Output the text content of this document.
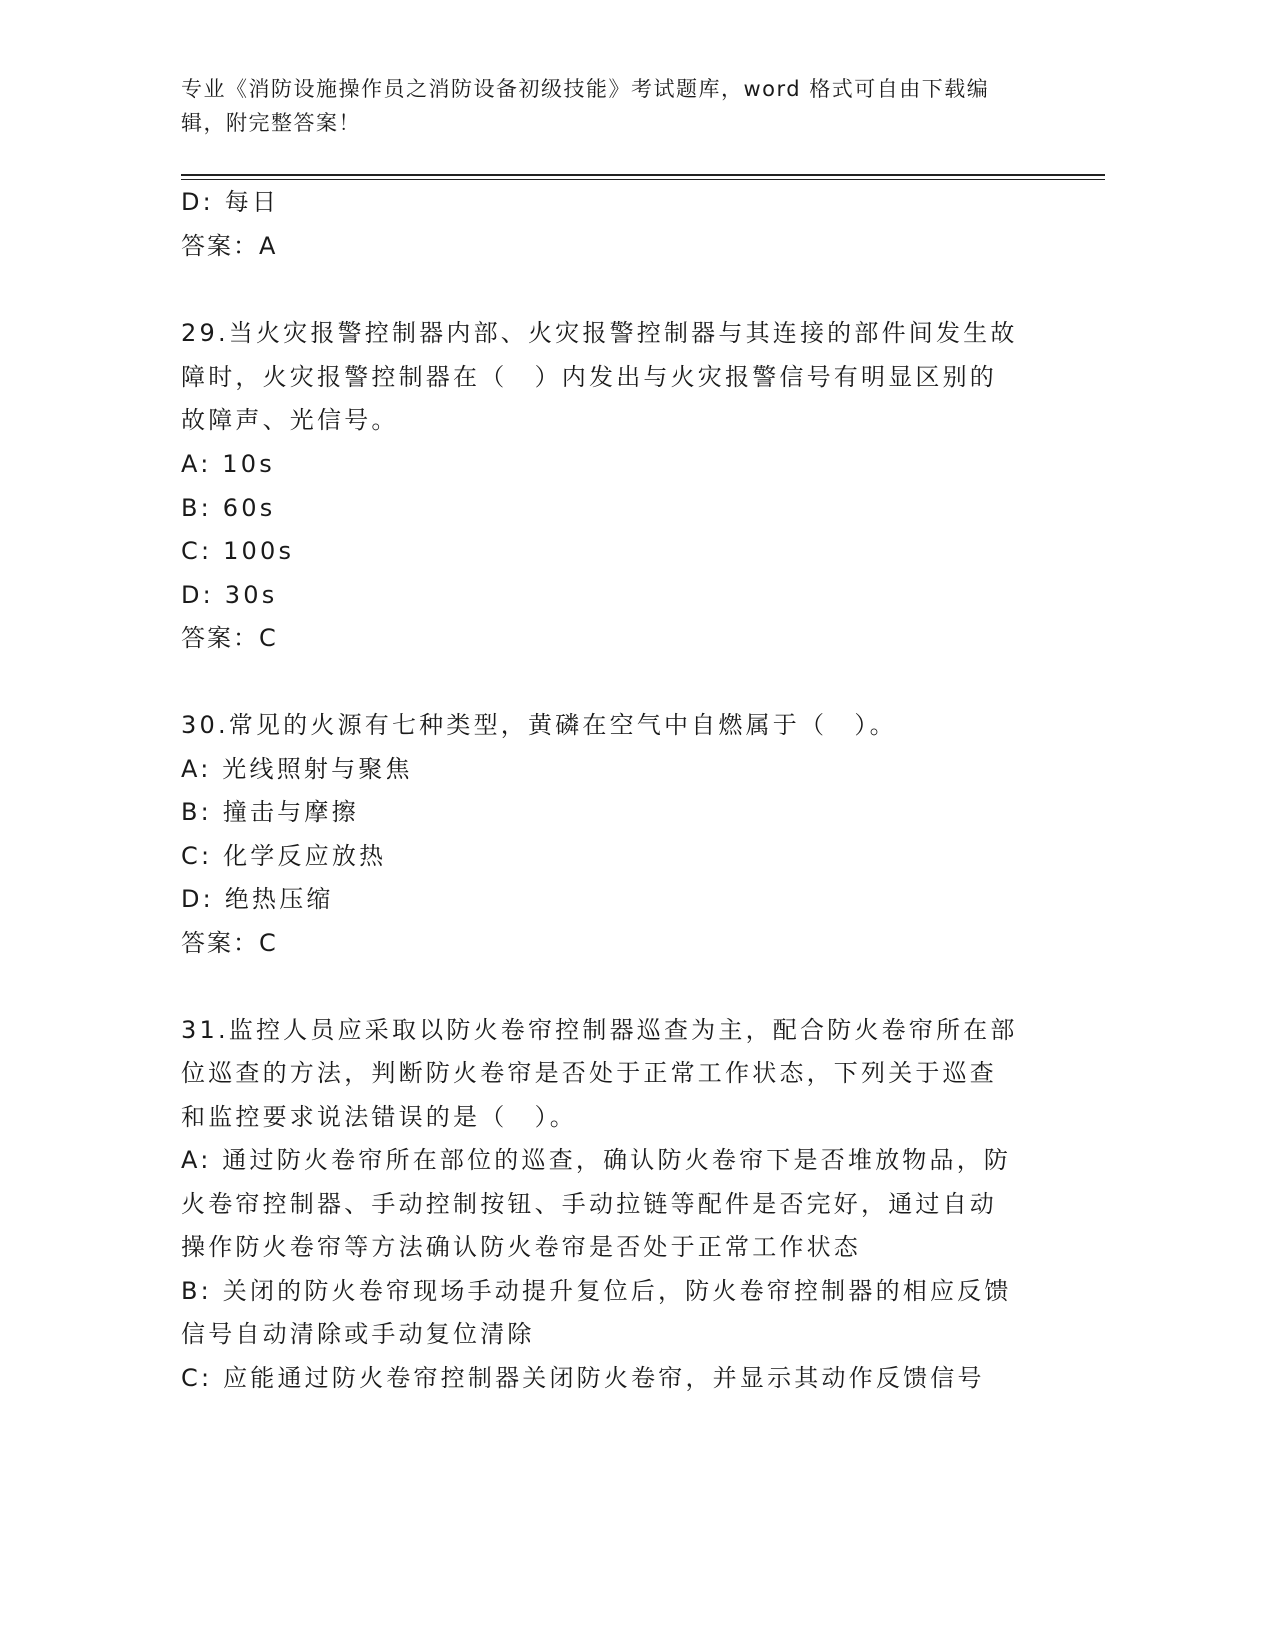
专业《消防设施操作员之消防设备初级技能》考试题库，word 格式可自由下载编
辑，附完整答案！
D: 每日
答案：A
29.当火灾报警控制器内部、火灾报警控制器与其连接的部件间发生故
障时，火灾报警控制器在（　）内发出与火灾报警信号有明显区别的
故障声、光信号。
A: 10s
B: 60s
C: 100s
D: 30s
答案：C
30.常见的火源有七种类型，黄磷在空气中自燃属于（　）。
A: 光线照射与聚焦
B: 撞击与摩擦
C: 化学反应放热
D: 绝热压缩
答案：C
31.监控人员应采取以防火卷帘控制器巡查为主，配合防火卷帘所在部
位巡查的方法，判断防火卷帘是否处于正常工作状态，下列关于巡查
和监控要求说法错误的是（　）。
A: 通过防火卷帘所在部位的巡查，确认防火卷帘下是否堆放物品，防
火卷帘控制器、手动控制按钮、手动拉链等配件是否完好，通过自动
操作防火卷帘等方法确认防火卷帘是否处于正常工作状态
B: 关闭的防火卷帘现场手动提升复位后，防火卷帘控制器的相应反馈
信号自动清除或手动复位清除
C: 应能通过防火卷帘控制器关闭防火卷帘，并显示其动作反馈信号
